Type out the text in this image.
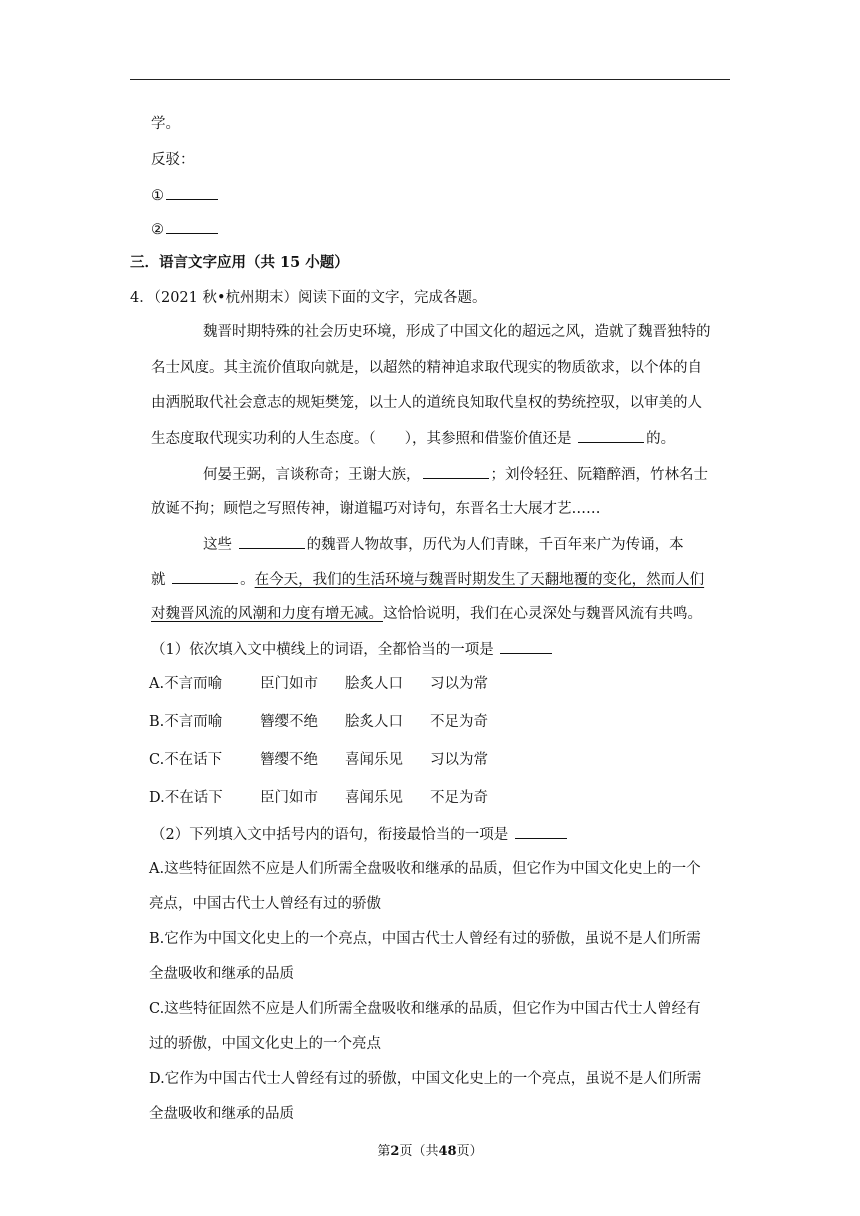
学。
反驳：
①
②
三．语言文字应用（共 15 小题）
4．（2021 秋•杭州期末）阅读下面的文字，完成各题。
魏晋时期特殊的社会历史环境，形成了中国文化的超远之风，造就了魏晋独特的
名士风度。其主流价值取向就是，以超然的精神追求取代现实的物质欲求，以个体的自
由洒脱取代社会意志的规矩樊笼，以士人的道统良知取代皇权的势统控驭，以审美的人
生态度取代现实功利的人生态度。（　　），其参照和借鉴价值还是	的。
何晏王弼，言谈称奇；王谢大族，	；刘伶轻狂、阮籍醉酒，竹林名士
放诞不拘；顾恺之写照传神，谢道韫巧对诗句，东晋名士大展才艺……
这些	的魏晋人物故事，历代为人们青睐，千百年来广为传诵，本
就	。在今天，我们的生活环境与魏晋时期发生了天翻地覆的变化，然而人们
对魏晋风流的风潮和力度有增无减。这恰恰说明，我们在心灵深处与魏晋风流有共鸣。
（1）依次填入文中横线上的词语，全都恰当的一项是
A.不言而喻	臣门如市 脍炙人口 习以为常
B.不言而喻	簪缨不绝 脍炙人口 不足为奇
C.不在话下	簪缨不绝 喜闻乐见 习以为常
D.不在话下	臣门如市 喜闻乐见 不足为奇
（2）下列填入文中括号内的语句，衔接最恰当的一项是
A.这些特征固然不应是人们所需全盘吸收和继承的品质，但它作为中国文化史上的一个
亮点，中国古代士人曾经有过的骄傲
B.它作为中国文化史上的一个亮点，中国古代士人曾经有过的骄傲，虽说不是人们所需
全盘吸收和继承的品质
C.这些特征固然不应是人们所需全盘吸收和继承的品质，但它作为中国古代士人曾经有
过的骄傲，中国文化史上的一个亮点
D.它作为中国古代士人曾经有过的骄傲，中国文化史上的一个亮点，虽说不是人们所需
全盘吸收和继承的品质
第2页（共48页）
